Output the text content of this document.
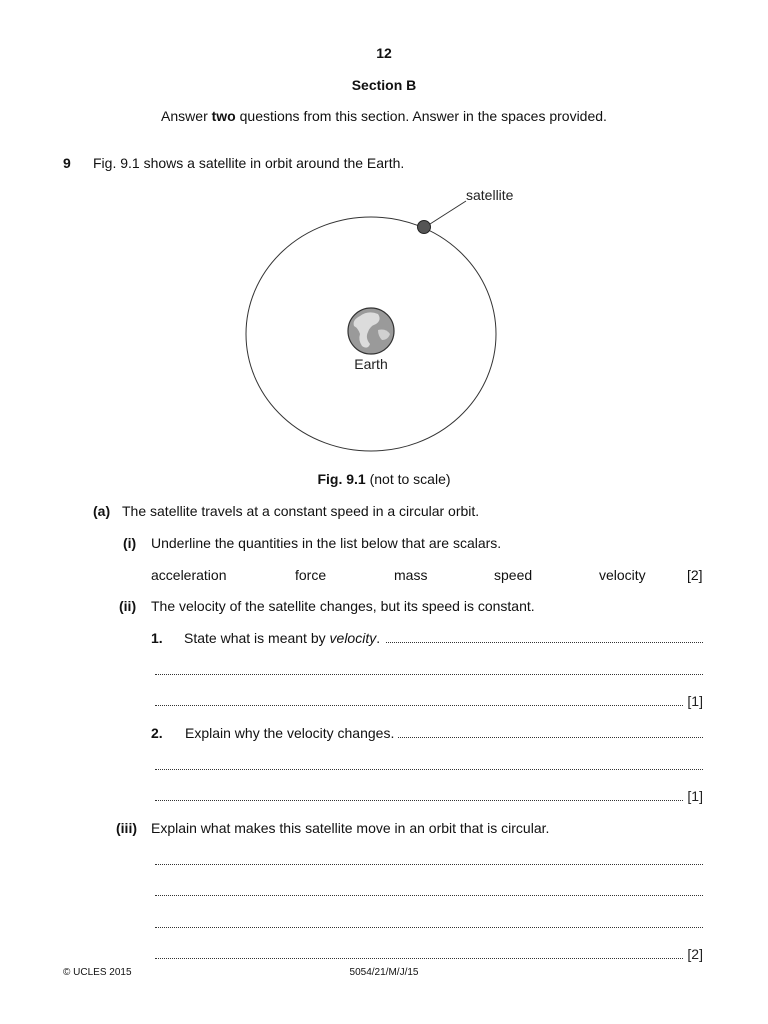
12
Section B
Answer two questions from this section. Answer in the spaces provided.
9 Fig. 9.1 shows a satellite in orbit around the Earth.
satellite
Earth
Fig. 9.1 (not to scale)
(a) The satellite travels at a constant speed in a circular orbit.
(i) Underline the quantities in the list below that are scalars.
acceleration	force	mass	speed	velocity	[2]
(ii) The velocity of the satellite changes, but its speed is constant.
1. State what is meant by velocity.
[1]
2. Explain why the velocity changes.
[1]
(iii) Explain what makes this satellite move in an orbit that is circular.
[2]
© UCLES 2015	5054/21/M/J/15
